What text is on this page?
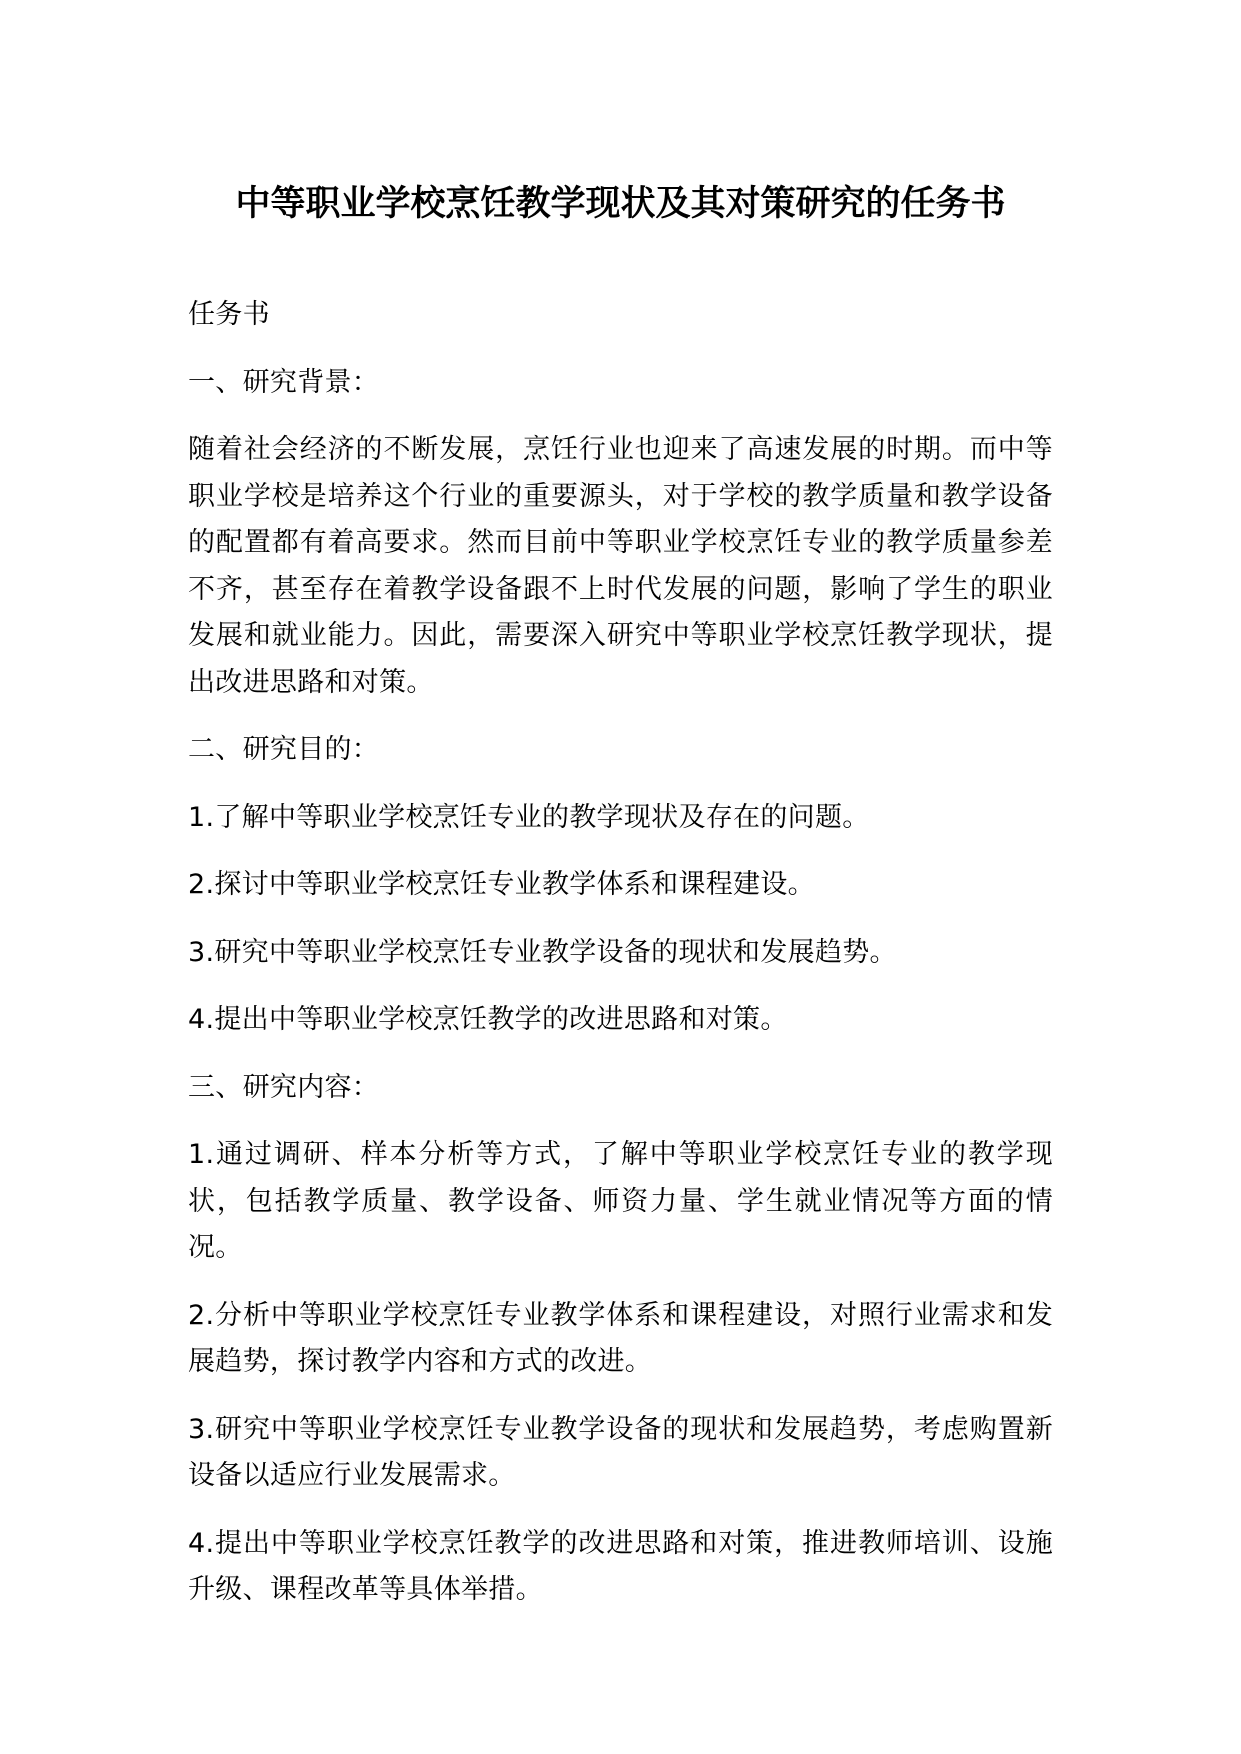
中等职业学校烹饪教学现状及其对策研究的任务书

任务书

一、研究背景：

随着社会经济的不断发展，烹饪行业也迎来了高速发展的时期。而中等职业学校是培养这个行业的重要源头，对于学校的教学质量和教学设备的配置都有着高要求。然而目前中等职业学校烹饪专业的教学质量参差不齐，甚至存在着教学设备跟不上时代发展的问题，影响了学生的职业发展和就业能力。因此，需要深入研究中等职业学校烹饪教学现状，提出改进思路和对策。

二、研究目的：

1.了解中等职业学校烹饪专业的教学现状及存在的问题。

2.探讨中等职业学校烹饪专业教学体系和课程建设。

3.研究中等职业学校烹饪专业教学设备的现状和发展趋势。

4.提出中等职业学校烹饪教学的改进思路和对策。

三、研究内容：

1.通过调研、样本分析等方式，了解中等职业学校烹饪专业的教学现状，包括教学质量、教学设备、师资力量、学生就业情况等方面的情况。

2.分析中等职业学校烹饪专业教学体系和课程建设，对照行业需求和发展趋势，探讨教学内容和方式的改进。

3.研究中等职业学校烹饪专业教学设备的现状和发展趋势，考虑购置新设备以适应行业发展需求。

4.提出中等职业学校烹饪教学的改进思路和对策，推进教师培训、设施升级、课程改革等具体举措。
